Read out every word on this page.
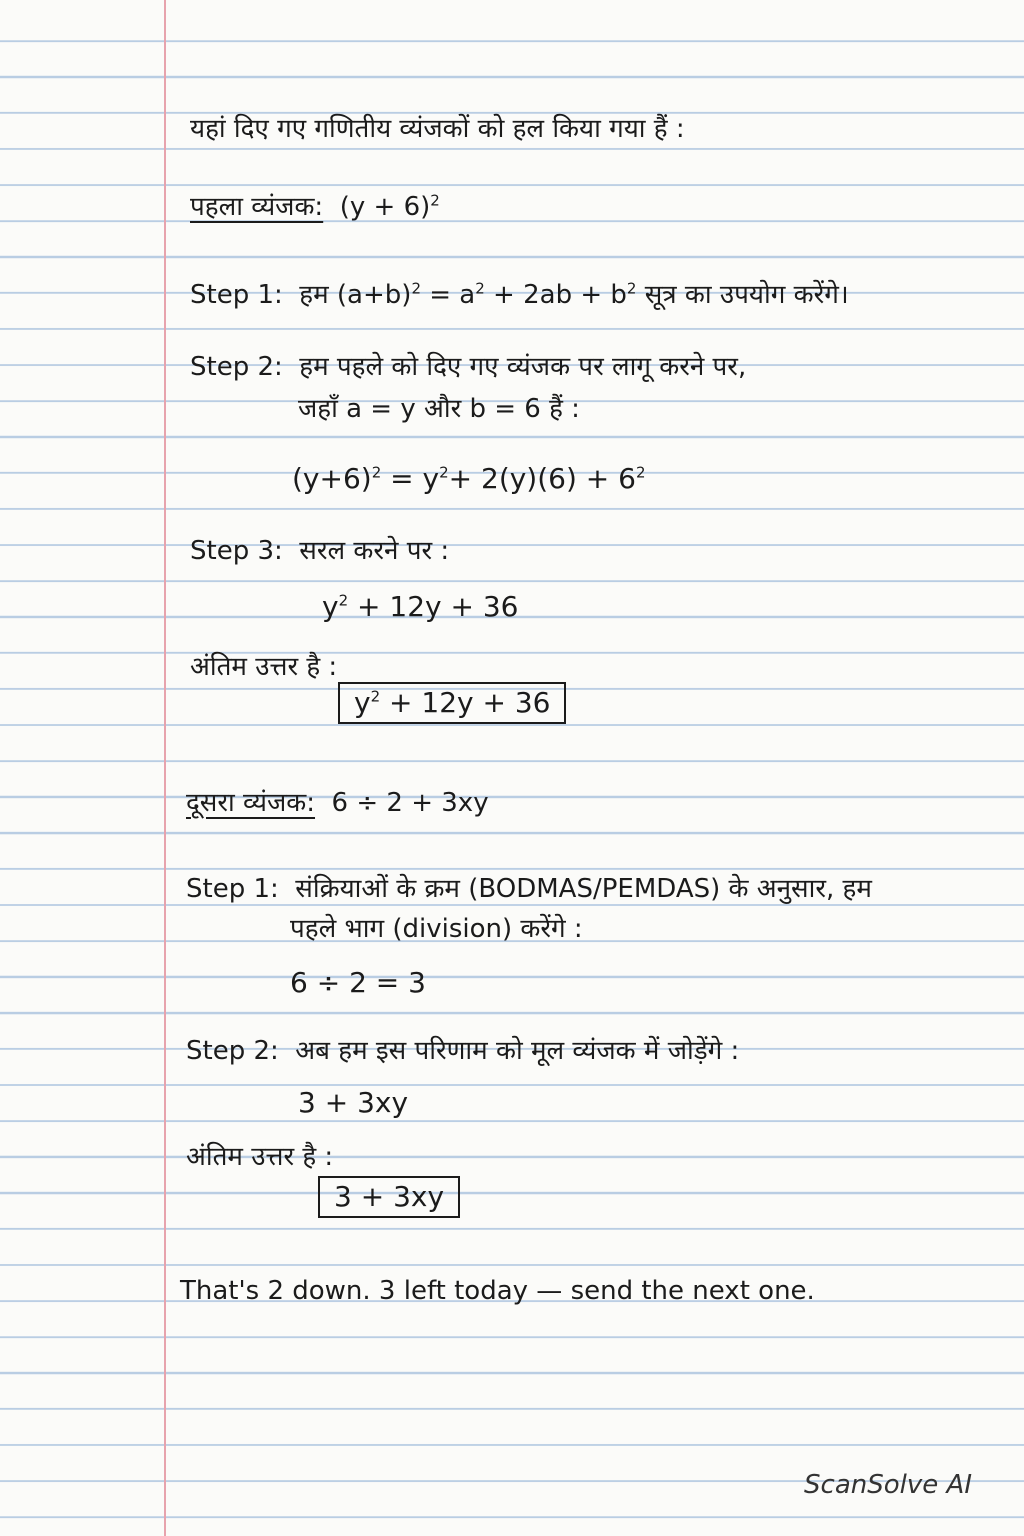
यहां दिए गए गणितीय व्यंजकों को हल किया गया हैं :
पहला व्यंजक: $(y + 6)^2$
Step 1: हम $(a+b)^2 = a^2 + 2ab + b^2$ सूत्र का उपयोग करेंगे।
Step 2: हम पहले को दिए गए व्यंजक पर लागू करने पर,
जहाँ a = y और b = 6 हैं :
$(y+6)^2 = y^2+ 2(y)(6) + 6^2$
Step 3: सरल करने पर :
$y^2 + 12y + 36$
अंतिम उत्तर है :
$y^2 + 12y + 36$
दूसरा व्यंजक: 6 ÷ 2 + 3xy
Step 1: संक्रियाओं के क्रम (BODMAS/PEMDAS) के अनुसार, हम
पहले भाग (division) करेंगे :
6 ÷ 2 = 3
Step 2: अब हम इस परिणाम को मूल व्यंजक में जोड़ेंगे :
3 + 3xy
अंतिम उत्तर है :
3 + 3xy
That's 2 down. 3 left today — send the next one.
ScanSolve AI
